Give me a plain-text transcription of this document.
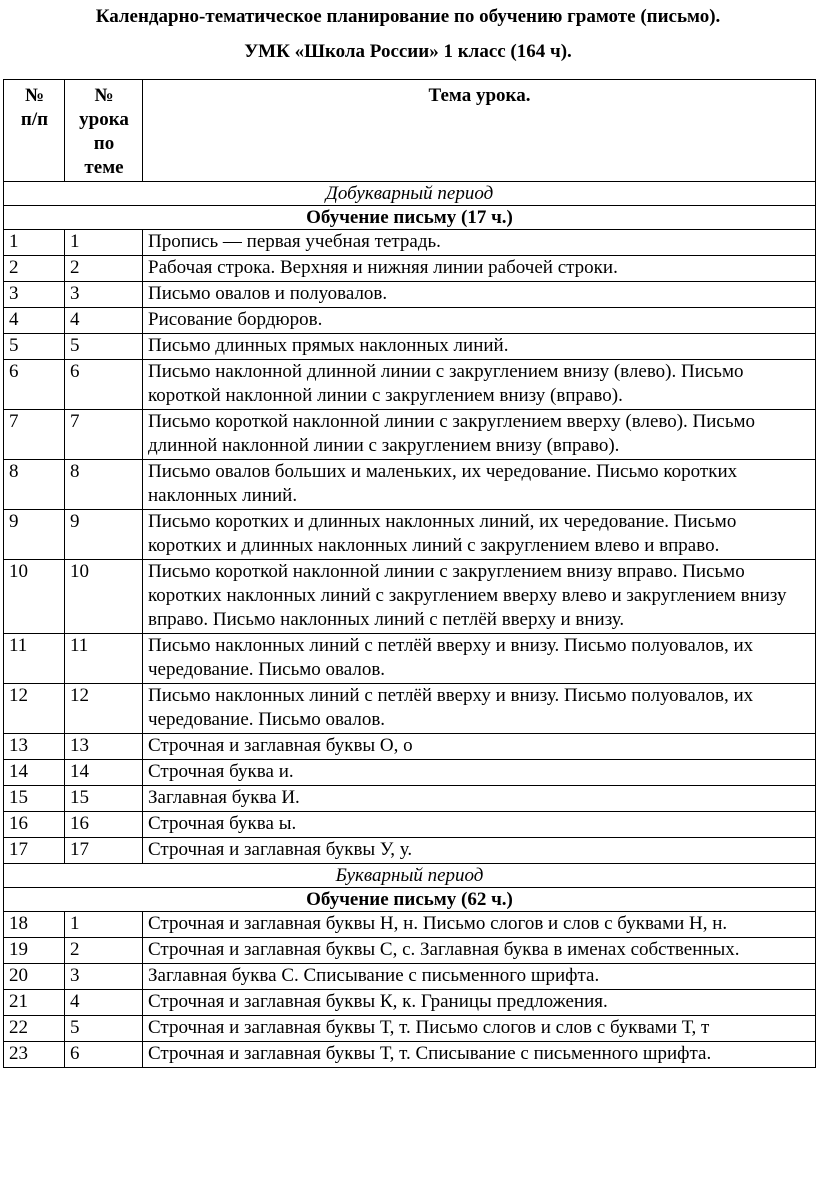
Календарно-тематическое планирование по обучению грамоте (письмо).

УМК «Школа России» 1 класс (164 ч).

№
п/п	№
урока
по
теме	Тема урока.
Добукварный период		
Обучение письму (17 ч.)		
1	1	Пропись — первая учебная тетрадь.
2	2	Рабочая строка. Верхняя и нижняя линии рабочей строки.
3	3	Письмо овалов и полуовалов.
4	4	Рисование бордюров.
5	5	Письмо длинных прямых наклонных линий.
6	6	Письмо наклонной длинной линии с закруглением внизу (влево). Письмо короткой наклонной линии с закруглением внизу (вправо).
7	7	Письмо короткой наклонной линии с закруглением вверху (влево). Письмо длинной наклонной линии с закруглением внизу (вправо).
8	8	Письмо овалов больших и маленьких, их чередование. Письмо коротких наклонных линий.
9	9	Письмо коротких и длинных наклонных линий, их чередование. Письмо коротких и длинных наклонных линий с закруглением влево и вправо.
10	10	Письмо короткой наклонной линии с закруглением внизу вправо. Письмо коротких наклонных линий с закруглением вверху влево и закруглением внизу вправо. Письмо наклонных линий с петлёй вверху и внизу.
11	11	Письмо наклонных линий с петлёй вверху и внизу. Письмо полуовалов, их чередование. Письмо овалов.
12	12	Письмо наклонных линий с петлёй вверху и внизу. Письмо полуовалов, их чередование. Письмо овалов.
13	13	Строчная и заглавная буквы О, о
14	14	Строчная буква и.
15	15	Заглавная буква И.
16	16	Строчная буква ы.
17	17	Строчная и заглавная буквы У, у.
Букварный период		
Обучение письму (62 ч.)		
18	1	Строчная и заглавная буквы Н, н. Письмо слогов и слов с буквами Н, н.
19	2	Строчная и заглавная буквы С, с. Заглавная буква в именах собственных.
20	3	Заглавная буква С. Списывание с письменного шрифта.
21	4	Строчная и заглавная буквы К, к. Границы предложения.
22	5	Строчная и заглавная буквы Т, т. Письмо слогов и слов с буквами Т, т
23	6	Строчная и заглавная буквы Т, т. Списывание с письменного шрифта.
